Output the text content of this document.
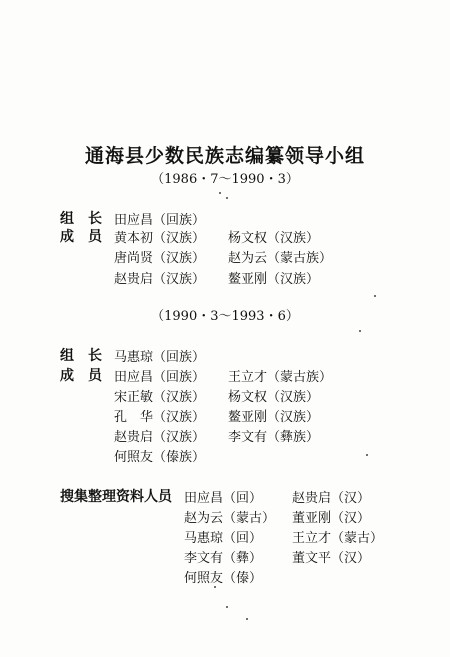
通海县少数民族志编纂领导小组
（1986・7～1990・3）
组　长 田应昌（回族）
成　员 黄本初（汉族） 杨文权（汉族）
唐尚贤（汉族） 赵为云（蒙古族）
赵贵启（汉族） 鳌亚刚（汉族）
（1990・3～1993・6）
组　长 马惠琼（回族）
成　员 田应昌（回族） 王立才（蒙古族）
宋正敏（汉族） 杨文权（汉族）
孔　华（汉族） 鳌亚刚（汉族）
赵贵启（汉族） 李文有（彝族）
何照友（傣族）
搜集整理资料人员 田应昌（回） 赵贵启（汉）
赵为云（蒙古） 董亚刚（汉）
马惠琼（回） 王立才（蒙古）
李文有（彝） 董文平（汉）
何照友（傣）
